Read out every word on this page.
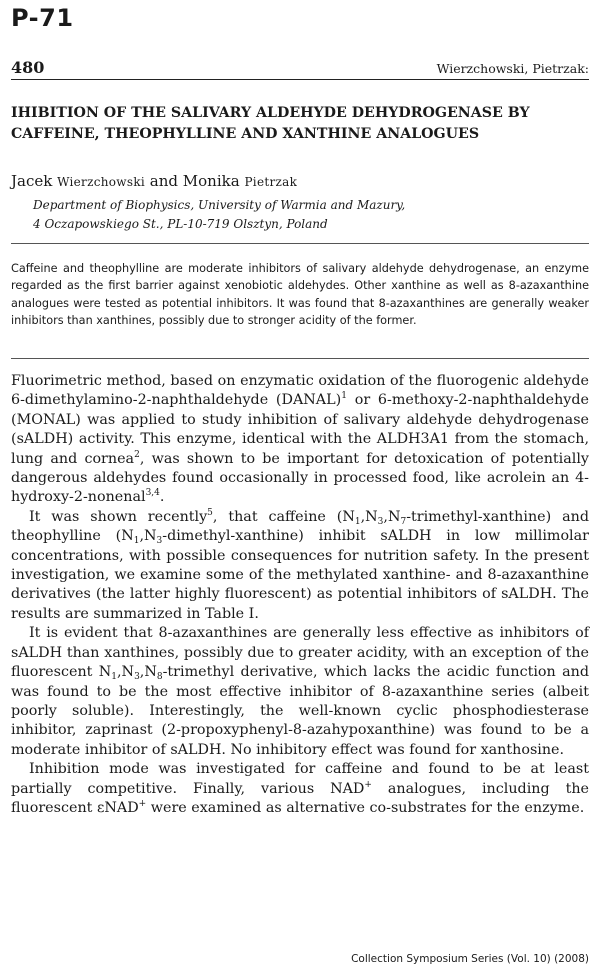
P-71
480	Wierzchowski, Pietrzak:
IHIBITION OF THE SALIVARY ALDEHYDE DEHYDROGENASE BY CAFFEINE, THEOPHYLLINE AND XANTHINE ANALOGUES
Jacek Wierzchowski and Monika Pietrzak
Department of Biophysics, University of Warmia and Mazury,
4 Oczapowskiego St., PL-10-719 Olsztyn, Poland

Caffeine and theophylline are moderate inhibitors of salivary aldehyde dehydrogenase, an enzyme regarded as the first barrier against xenobiotic aldehydes. Other xanthine as well as 8-azaxanthine analogues were tested as potential inhibitors. It was found that 8-azaxanthines are generally weaker inhibitors than xanthines, possibly due to stronger acidity of the former.

Fluorimetric method, based on enzymatic oxidation of the fluorogenic aldehyde 6-dimethylamino-2-naphthaldehyde (DANAL)$^1$ or 6-methoxy-2-naphthaldehyde (MONAL) was applied to study inhibition of salivary aldehyde dehydrogenase (sALDH) activity. This enzyme, identical with the ALDH3A1 from the stomach, lung and cornea$^2$, was shown to be important for detoxication of potentially dangerous aldehydes found occasionally in processed food, like acrolein an 4-hydroxy-2-nonenal$^{3,4}$.

It was shown recently$^5$, that caffeine $(N_1,N_3,N_7-trimethyl-xanthine)$ and theophylline $(N_1,N_3-dimethyl-xanthine)$ inhibit sALDH in low millimolar concentrations, with possible consequences for nutrition safety. In the present investigation, we examine some of the methylated xanthine- and 8-azaxanthine derivatives (the latter highly fluorescent) as potential inhibitors of sALDH. The results are summarized in Table I.

It is evident that 8-azaxanthines are generally less effective as inhibitors of sALDH than xanthines, possibly due to greater acidity, with an exception of the fluorescent $N_1,N_3,N_8$-trimethyl derivative, which lacks the acidic function and was found to be the most effective inhibitor of 8-azaxanthine series (albeit poorly soluble). Interestingly, the well-known cyclic phosphodiesterase inhibitor, zaprinast (2-propoxyphenyl-8-azahypoxanthine) was found to be a moderate inhibitor of sALDH. No inhibitory effect was found for xanthosine.

Inhibition mode was investigated for caffeine and found to be at least partially competitive. Finally, various NAD+ analogues, including the fluorescent εNAD+ were examined as alternative co-substrates for the enzyme.

Collection Symposium Series (Vol. 10) (2008)
